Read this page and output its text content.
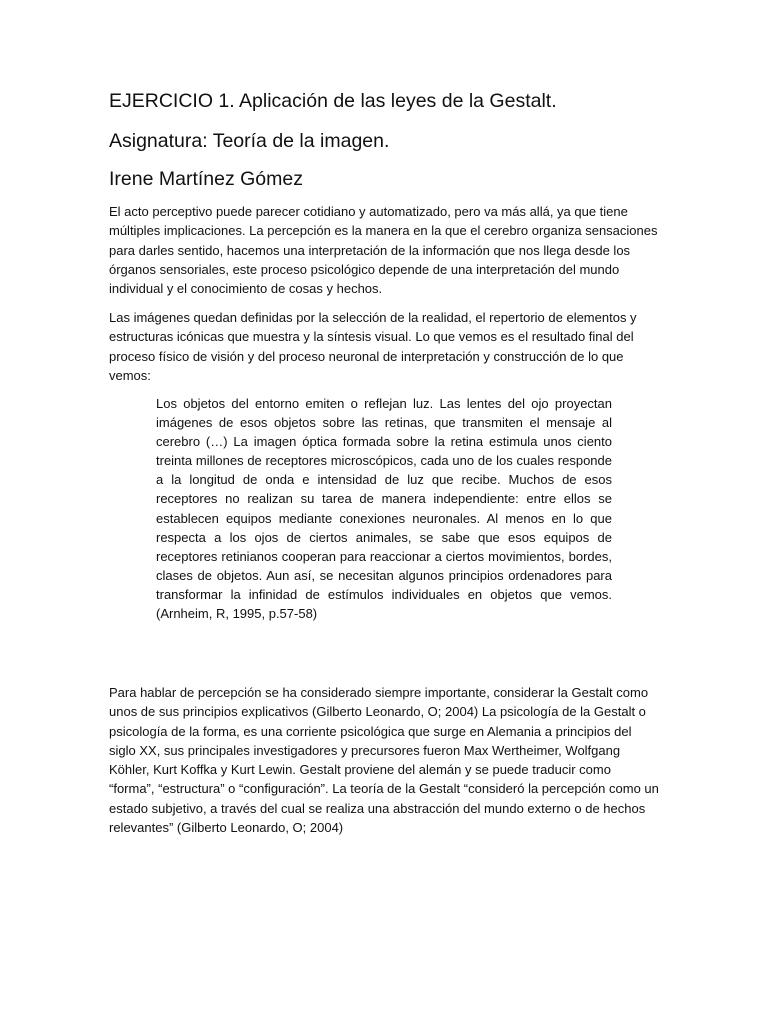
EJERCICIO 1. Aplicación de las leyes de la Gestalt.
Asignatura: Teoría de la imagen.
Irene Martínez Gómez

El acto perceptivo puede parecer cotidiano y automatizado, pero va más allá, ya que tiene múltiples implicaciones. La percepción es la manera en la que el cerebro organiza sensaciones para darles sentido, hacemos una interpretación de la información que nos llega desde los órganos sensoriales, este proceso psicológico depende de una interpretación del mundo individual y el conocimiento de cosas y hechos.

Las imágenes quedan definidas por la selección de la realidad, el repertorio de elementos y estructuras icónicas que muestra y la síntesis visual. Lo que vemos es el resultado final del proceso físico de visión y del proceso neuronal de interpretación y construcción de lo que vemos:

Los objetos del entorno emiten o reflejan luz. Las lentes del ojo proyectan imágenes de esos objetos sobre las retinas, que transmiten el mensaje al cerebro (…) La imagen óptica formada sobre la retina estimula unos ciento treinta millones de receptores microscópicos, cada uno de los cuales responde a la longitud de onda e intensidad de luz que recibe. Muchos de esos receptores no realizan su tarea de manera independiente: entre ellos se establecen equipos mediante conexiones neuronales. Al menos en lo que respecta a los ojos de ciertos animales, se sabe que esos equipos de receptores retinianos cooperan para reaccionar a ciertos movimientos, bordes, clases de objetos. Aun así, se necesitan algunos principios ordenadores para transformar la infinidad de estímulos individuales en objetos que vemos. (Arnheim, R, 1995, p.57-58)

Para hablar de percepción se ha considerado siempre importante, considerar la Gestalt como unos de sus principios explicativos (Gilberto Leonardo, O; 2004) La psicología de la Gestalt o psicología de la forma, es una corriente psicológica que surge en Alemania a principios del siglo XX, sus principales investigadores y precursores fueron Max Wertheimer, Wolfgang Köhler, Kurt Koffka y Kurt Lewin. Gestalt proviene del alemán y se puede traducir como “forma”, “estructura” o “configuración”. La teoría de la Gestalt “consideró la percepción como un estado subjetivo, a través del cual se realiza una abstracción del mundo externo o de hechos relevantes” (Gilberto Leonardo, O; 2004)
